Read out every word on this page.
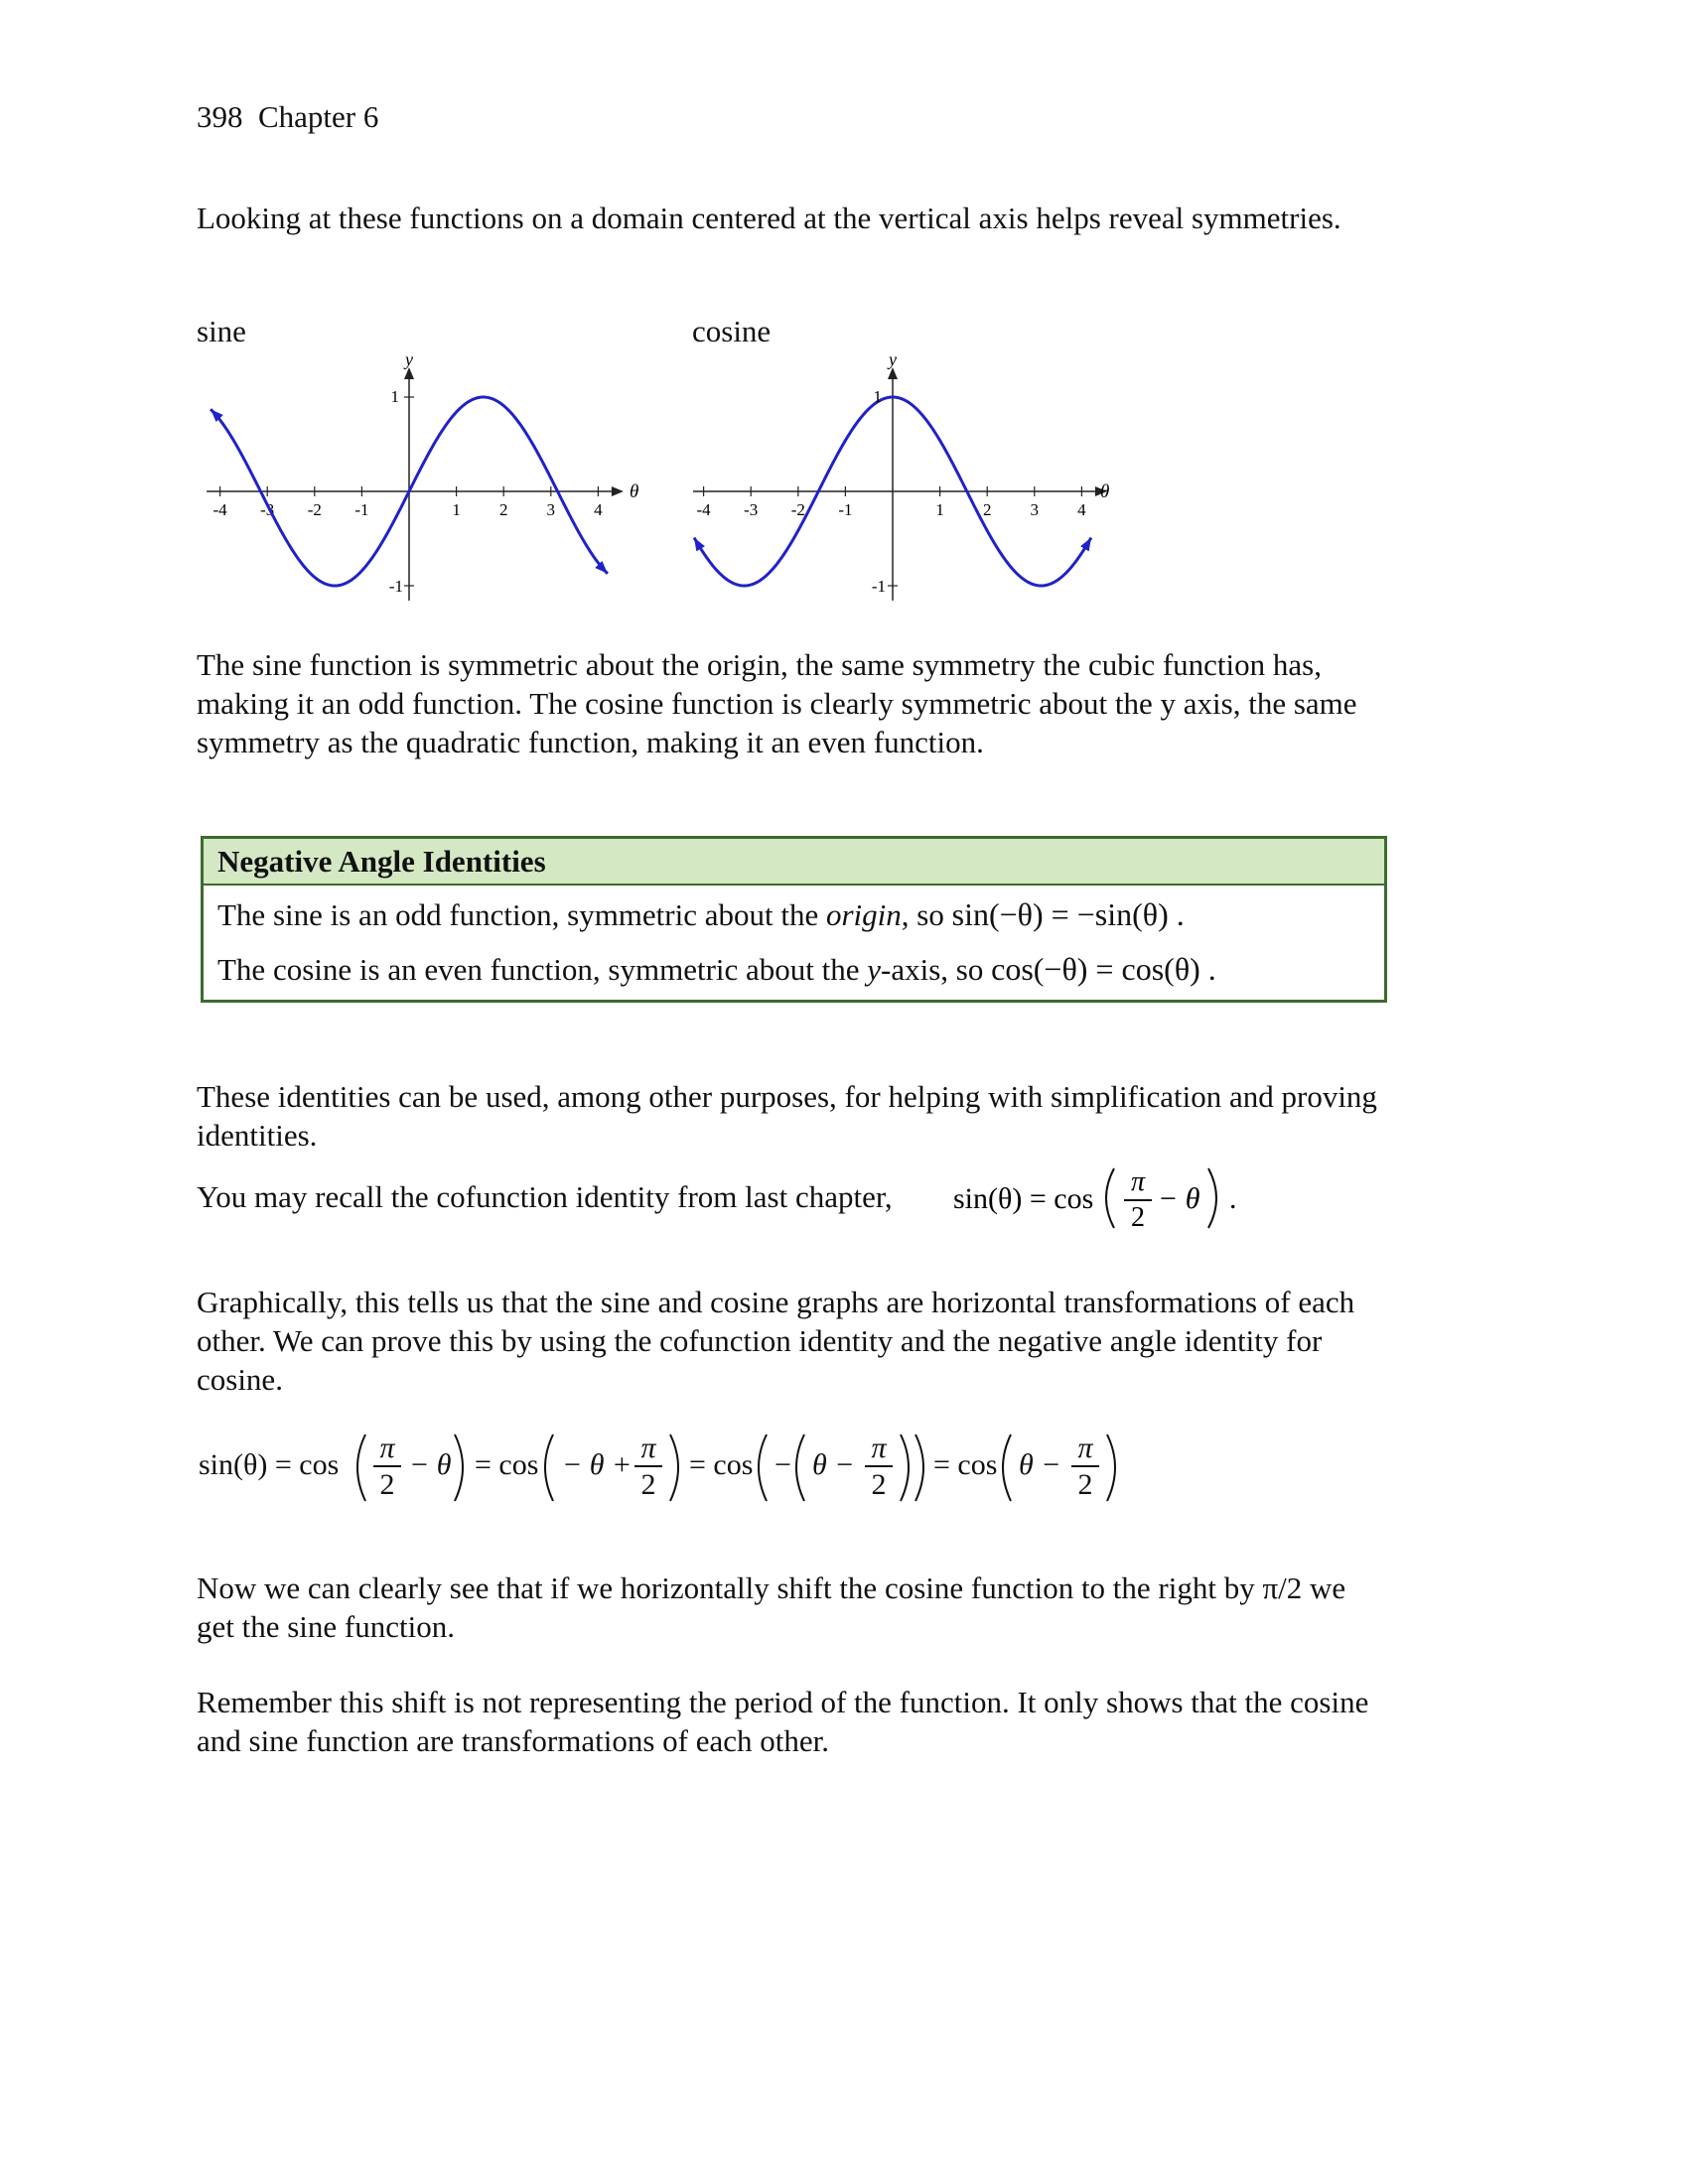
398 Chapter 6
Looking at these functions on a domain centered at the vertical axis helps reveal symmetries.
sine	cosine
-4 -3 -2 -1	1 2 3 4
y
θ
1
-1
-4 -3 -2 -1	1 2 3 4
y
θ
1
-1
The sine function is symmetric about the origin, the same symmetry the cubic function has, making it an odd function. The cosine function is clearly symmetric about the y axis, the same symmetry as the quadratic function, making it an even function.
Negative Angle Identities
The sine is an odd function, symmetric about the origin, so sin(−θ) = −sin(θ) .
The cosine is an even function, symmetric about the y-axis, so cos(−θ) = cos(θ) .
These identities can be used, among other purposes, for helping with simplification and proving identities.
You may recall the cofunction identity from last chapter, sin(θ) = cos
π
2
− θ .
Graphically, this tells us that the sine and cosine graphs are horizontal transformations of each other. We can prove this by using the cofunction identity and the negative angle identity for cosine.
sin(θ) = cos
π
2
− θ = cos − θ +
π
2
= cos − θ −
π
2
= cos θ −
π
2
Now we can clearly see that if we horizontally shift the cosine function to the right by π/2 we get the sine function.
Remember this shift is not representing the period of the function. It only shows that the cosine and sine function are transformations of each other.
